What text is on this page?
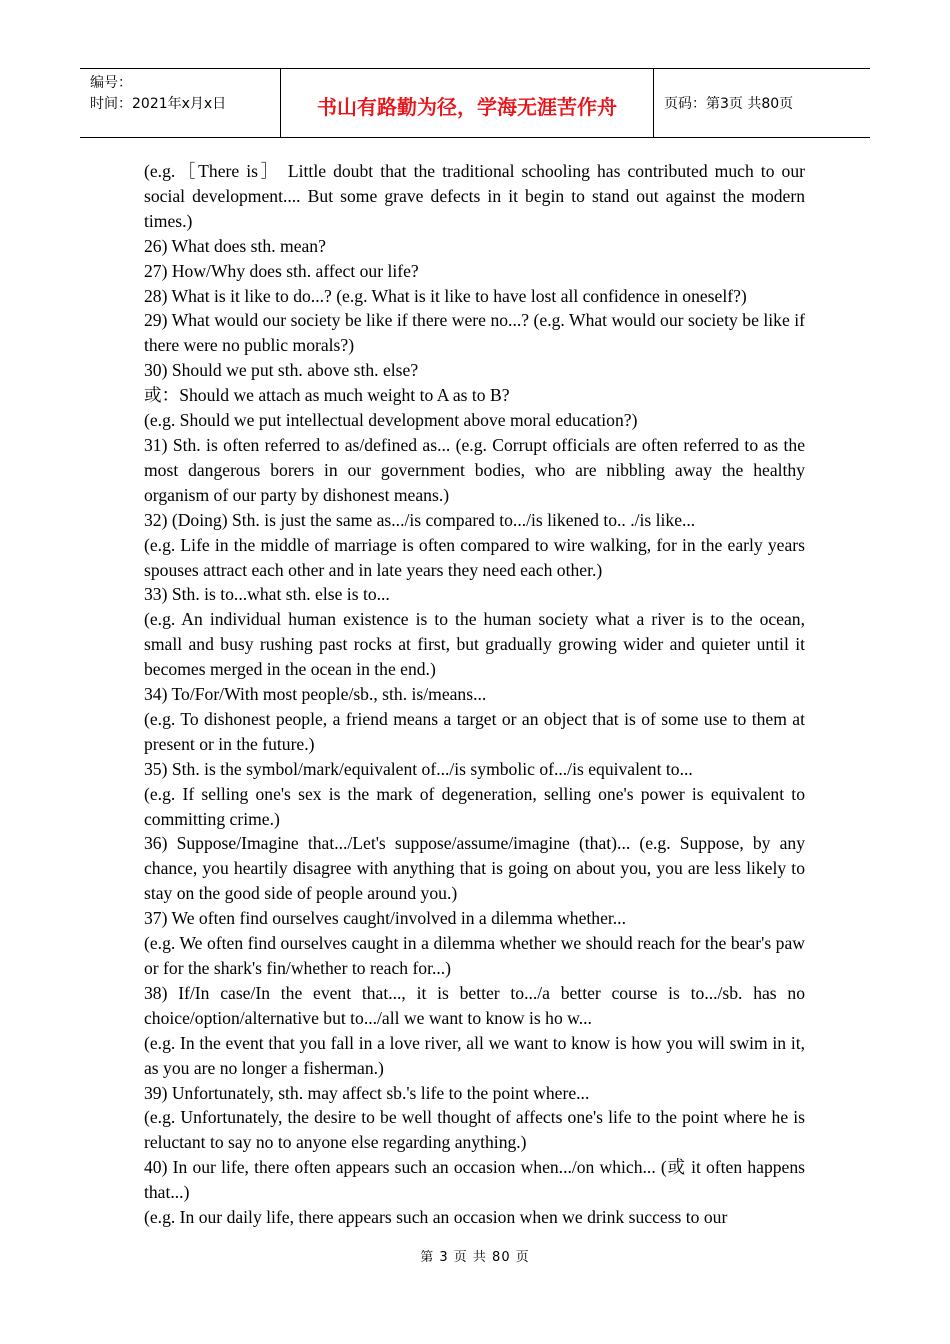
编号：
时间：2021年x月x日	书山有路勤为径，学海无涯苦作舟	页码：第3页 共80页

(e.g.［There is］ Little doubt that the traditional schooling has contributed much to our social development.... But some grave defects in it begin to stand out against the modern times.)

26) What does sth. mean?

27) How/Why does sth. affect our life?

28) What is it like to do...? (e.g. What is it like to have lost all confidence in oneself?)

29) What would our society be like if there were no...? (e.g. What would our society be like if there were no public morals?)

30) Should we put sth. above sth. else?

或：Should we attach as much weight to A as to B?

(e.g. Should we put intellectual development above moral education?)

31) Sth. is often referred to as/defined as... (e.g. Corrupt officials are often referred to as the most dangerous borers in our government bodies, who are nibbling away the healthy organism of our party by dishonest means.)

32) (Doing) Sth. is just the same as.../is compared to.../is likened to.. ./is like...

(e.g. Life in the middle of marriage is often compared to wire walking, for in the early years spouses attract each other and in late years they need each other.)

33) Sth. is to...what sth. else is to...

(e.g. An individual human existence is to the human society what a river is to the ocean, small and busy rushing past rocks at first, but gradually growing wider and quieter until it becomes merged in the ocean in the end.)

34) To/For/With most people/sb., sth. is/means...

(e.g. To dishonest people, a friend means a target or an object that is of some use to them at present or in the future.)

35) Sth. is the symbol/mark/equivalent of.../is symbolic of.../is equivalent to...

(e.g. If selling one's sex is the mark of degeneration, selling one's power is equivalent to committing crime.)

36) Suppose/Imagine that.../Let's suppose/assume/imagine (that)... (e.g. Suppose, by any chance, you heartily disagree with anything that is going on about you, you are less likely to stay on the good side of people around you.)

37) We often find ourselves caught/involved in a dilemma whether...

(e.g. We often find ourselves caught in a dilemma whether we should reach for the bear's paw or for the shark's fin/whether to reach for...)

38) If/In case/In the event that..., it is better to.../a better course is to.../sb. has no choice/option/alternative but to.../all we want to know is ho w...

(e.g. In the event that you fall in a love river, all we want to know is how you will swim in it, as you are no longer a fisherman.)

39) Unfortunately, sth. may affect sb.'s life to the point where...

(e.g. Unfortunately, the desire to be well thought of affects one's life to the point where he is reluctant to say no to anyone else regarding anything.)

40) In our life, there often appears such an occasion when.../on which... (或 it often happens that...)

(e.g. In our daily life, there appears such an occasion when we drink success to our

第 3 页 共 80 页
